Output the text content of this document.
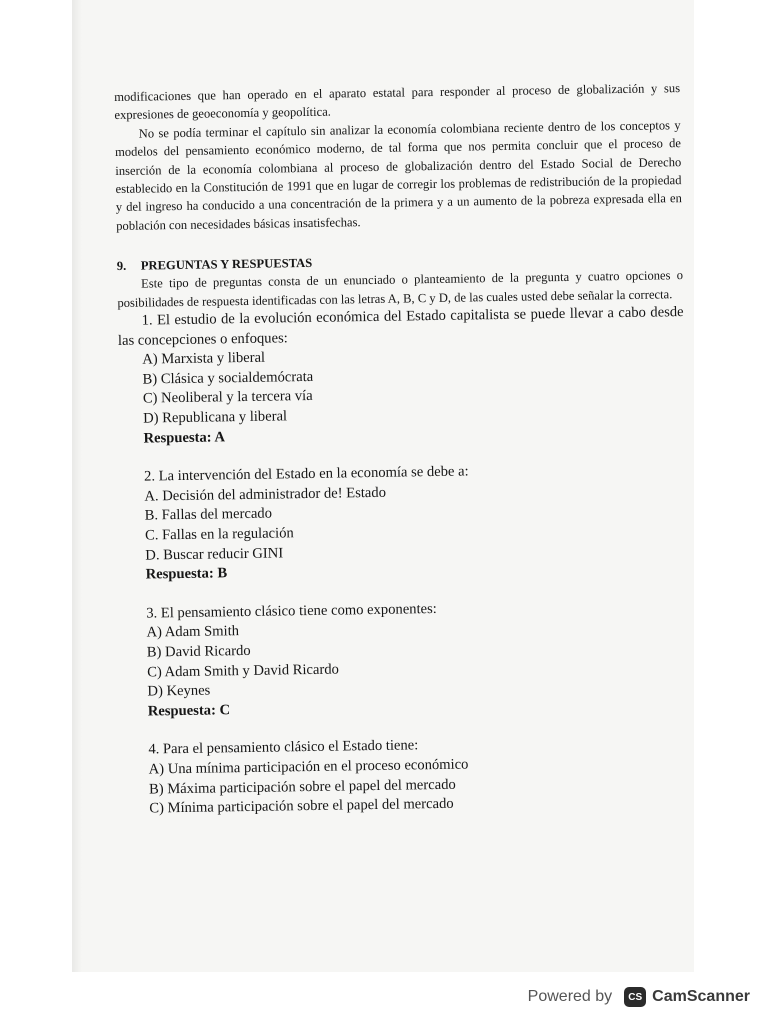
modificaciones que han operado en el aparato estatal para responder al proceso de globalización y sus expresiones de geoeconomía y geopolítica.

No se podía terminar el capítulo sin analizar la economía colombiana reciente dentro de los conceptos y modelos del pensamiento económico moderno, de tal forma que nos permita concluir que el proceso de inserción de la economía colombiana al proceso de globalización dentro del Estado Social de Derecho establecido en la Constitución de 1991 que en lugar de corregir los problemas de redistribución de la propiedad y del ingreso ha conducido a una concentración de la primera y a un aumento de la pobreza expresada ella en población con necesidades básicas insatisfechas.

9. PREGUNTAS Y RESPUESTAS

Este tipo de preguntas consta de un enunciado o planteamiento de la pregunta y cuatro opciones o posibilidades de respuesta identificadas con las letras A, B, C y D, de las cuales usted debe señalar la correcta.

1. El estudio de la evolución económica del Estado capitalista se puede llevar a cabo desde las concepciones o enfoques:

A) Marxista y liberal

B) Clásica y socialdemócrata

C) Neoliberal y la tercera vía

D) Republicana y liberal

Respuesta: A

2. La intervención del Estado en la economía se debe a:

A. Decisión del administrador de! Estado

B. Fallas del mercado

C. Fallas en la regulación

D. Buscar reducir GINI

Respuesta: B

3. El pensamiento clásico tiene como exponentes:

A) Adam Smith

B) David Ricardo

C) Adam Smith y David Ricardo

D) Keynes

Respuesta: C

4. Para el pensamiento clásico el Estado tiene:

A) Una mínima participación en el proceso económico

B) Máxima participación sobre el papel del mercado

C) Mínima participación sobre el papel del mercado

Powered by	CS CamScanner
